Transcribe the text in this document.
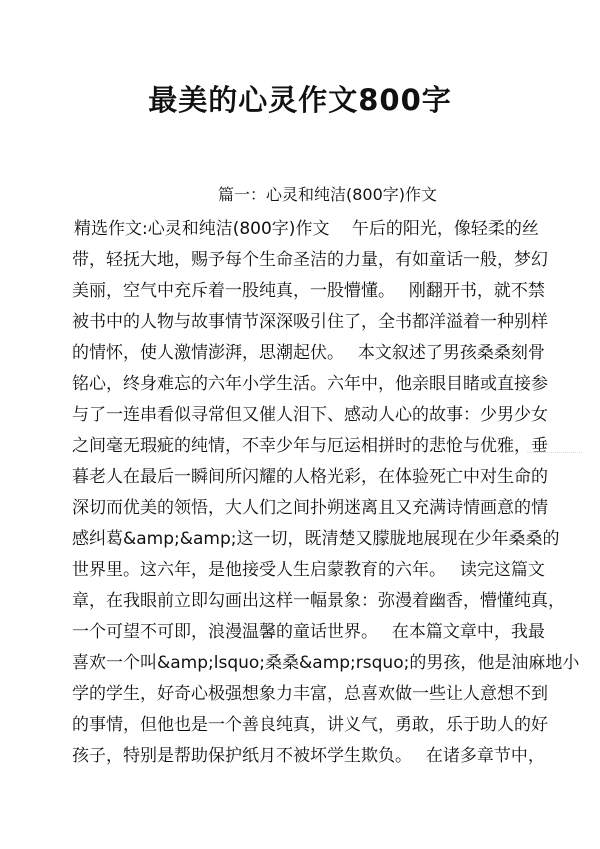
最美的心灵作文800字
篇一：心灵和纯洁(800字)作文
精选作文:心灵和纯洁(800字)作文　 午后的阳光，像轻柔的丝
带，轻抚大地，赐予每个生命圣洁的力量，有如童话一般，梦幻
美丽，空气中充斥着一股纯真，一股懵懂。　 刚翻开书，就不禁
被书中的人物与故事情节深深吸引住了，全书都洋溢着一种别样
的情怀，使人激情澎湃，思潮起伏。　 本文叙述了男孩桑桑刻骨
铭心，终身难忘的六年小学生活。六年中，他亲眼目睹或直接参
与了一连串看似寻常但又催人泪下、感动人心的故事：少男少女
之间毫无瑕疵的纯情，不幸少年与厄运相拼时的悲怆与优雅，垂
暮老人在最后一瞬间所闪耀的人格光彩，在体验死亡中对生命的
深切而优美的领悟，大人们之间扑朔迷离且又充满诗情画意的情
感纠葛&amp;&amp;这一切，既清楚又朦胧地展现在少年桑桑的
世界里。这六年，是他接受人生启蒙教育的六年。　 读完这篇文
章，在我眼前立即勾画出这样一幅景象：弥漫着幽香，懵懂纯真，
一个可望不可即，浪漫温馨的童话世界。　 在本篇文章中，我最
喜欢一个叫&amp;lsquo;桑桑&amp;rsquo;的男孩，他是油麻地小
学的学生，好奇心极强想象力丰富，总喜欢做一些让人意想不到
的事情，但他也是一个善良纯真，讲义气，勇敢，乐于助人的好
孩子，特别是帮助保护纸月不被坏学生欺负。　 在诸多章节中，
